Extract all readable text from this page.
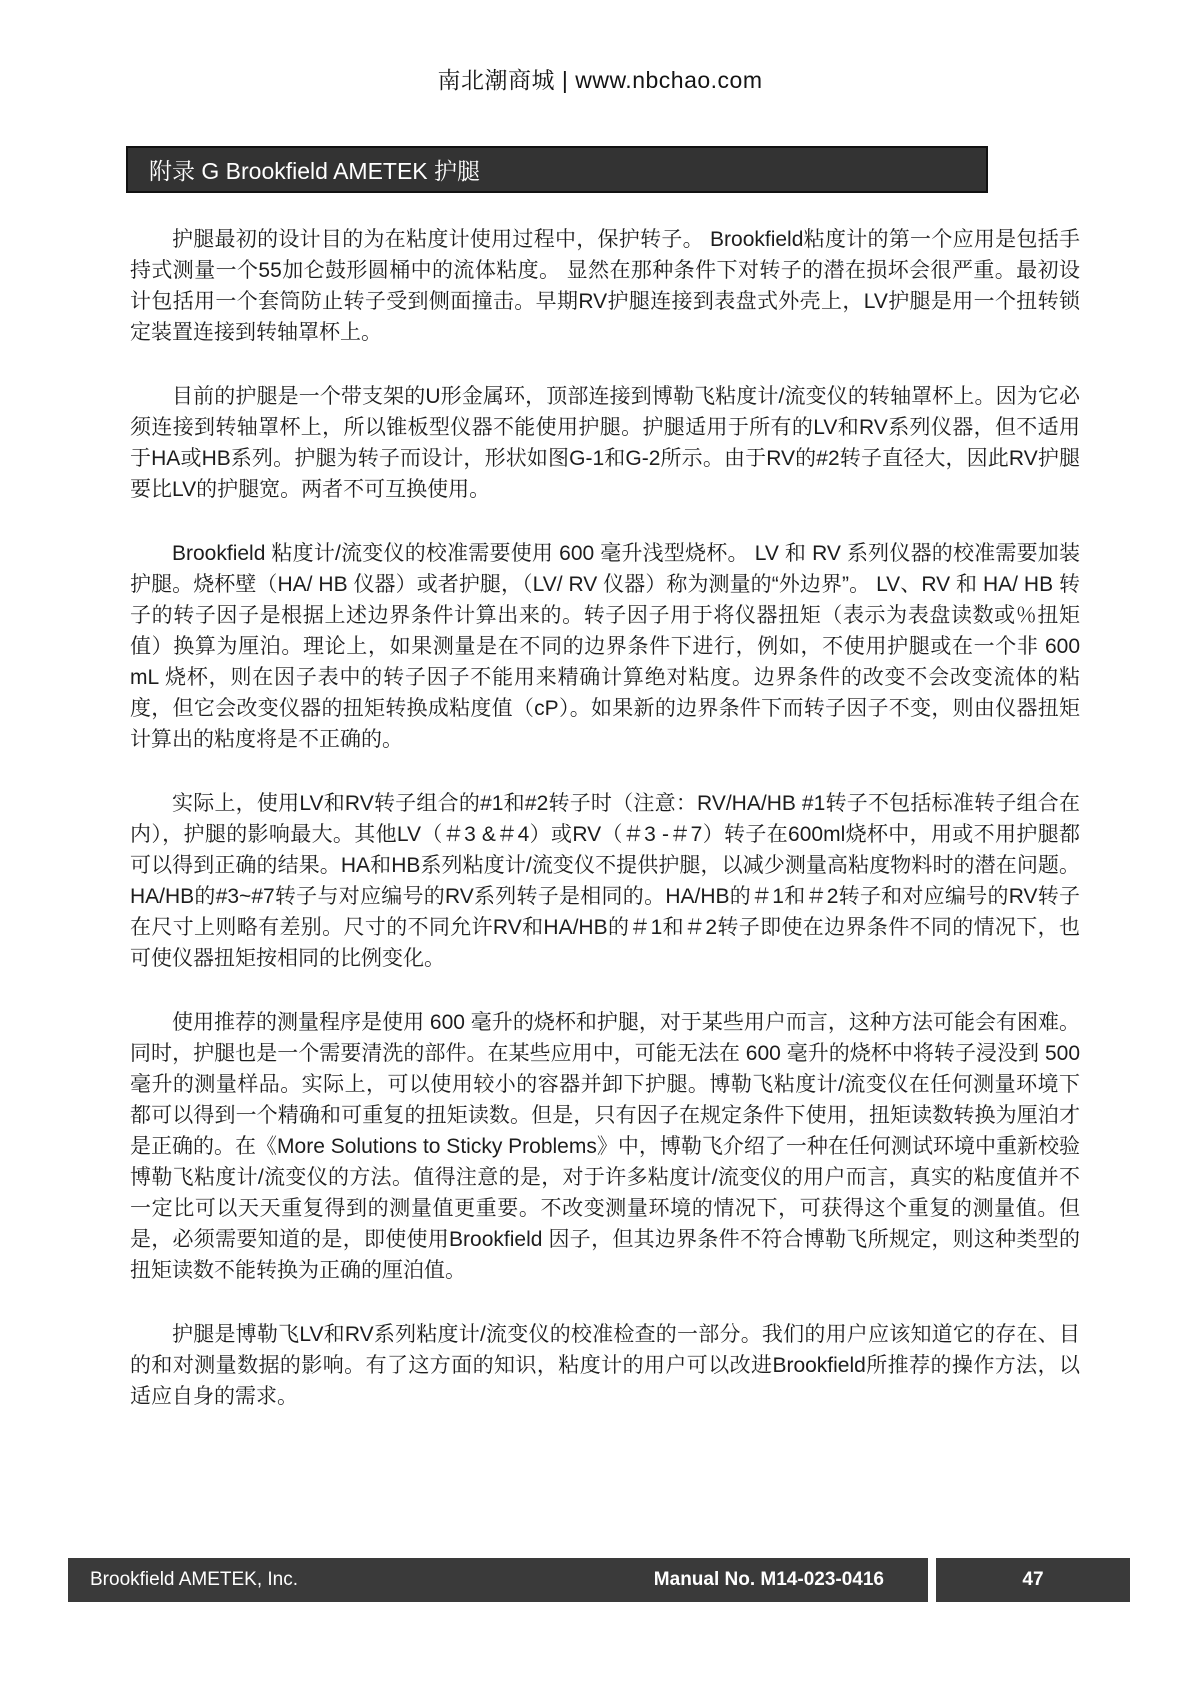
南北潮商城 | www.nbchao.com
附录 G Brookfield AMETEK 护腿

护腿最初的设计目的为在粘度计使用过程中，保护转子。 Brookfield粘度计的第一个应用是包括手持式测量一个55加仑鼓形圆桶中的流体粘度。 显然在那种条件下对转子的潜在损坏会很严重。最初设计包括用一个套筒防止转子受到侧面撞击。早期RV护腿连接到表盘式外壳上，LV护腿是用一个扭转锁定装置连接到转轴罩杯上。

目前的护腿是一个带支架的U形金属环，顶部连接到博勒飞粘度计/流变仪的转轴罩杯上。因为它必须连接到转轴罩杯上，所以锥板型仪器不能使用护腿。护腿适用于所有的LV和RV系列仪器，但不适用于HA或HB系列。护腿为转子而设计，形状如图G-1和G-2所示。由于RV的#2转子直径大，因此RV护腿要比LV的护腿宽。两者不可互换使用。

Brookfield 粘度计/流变仪的校准需要使用 600 毫升浅型烧杯。 LV 和 RV 系列仪器的校准需要加装护腿。烧杯壁（HA/ HB 仪器）或者护腿，（LV/ RV 仪器）称为测量的“外边界”。 LV、RV 和 HA/ HB 转子的转子因子是根据上述边界条件计算出来的。转子因子用于将仪器扭矩（表示为表盘读数或％扭矩值）换算为厘泊。理论上，如果测量是在不同的边界条件下进行，例如，不使用护腿或在一个非 600 mL 烧杯，则在因子表中的转子因子不能用来精确计算绝对粘度。边界条件的改变不会改变流体的粘度，但它会改变仪器的扭矩转换成粘度值（cP）。如果新的边界条件下而转子因子不变，则由仪器扭矩计算出的粘度将是不正确的。

实际上，使用LV和RV转子组合的#1和#2转子时（注意：RV/HA/HB #1转子不包括标准转子组合在内），护腿的影响最大。其他LV（＃3 &＃4）或RV（＃3 -＃7）转子在600ml烧杯中，用或不用护腿都可以得到正确的结果。HA和HB系列粘度计/流变仪不提供护腿，以减少测量高粘度物料时的潜在问题。HA/HB的#3~#7转子与对应编号的RV系列转子是相同的。HA/HB的＃1和＃2转子和对应编号的RV转子在尺寸上则略有差别。尺寸的不同允许RV和HA/HB的＃1和＃2转子即使在边界条件不同的情况下，也可使仪器扭矩按相同的比例变化。

使用推荐的测量程序是使用 600 毫升的烧杯和护腿，对于某些用户而言，这种方法可能会有困难。同时，护腿也是一个需要清洗的部件。在某些应用中，可能无法在 600 毫升的烧杯中将转子浸没到 500 毫升的测量样品。实际上，可以使用较小的容器并卸下护腿。博勒飞粘度计/流变仪在任何测量环境下都可以得到一个精确和可重复的扭矩读数。但是，只有因子在规定条件下使用，扭矩读数转换为厘泊才是正确的。在《More Solutions to Sticky Problems》中，博勒飞介绍了一种在任何测试环境中重新校验博勒飞粘度计/流变仪的方法。值得注意的是，对于许多粘度计/流变仪的用户而言，真实的粘度值并不一定比可以天天重复得到的测量值更重要。不改变测量环境的情况下，可获得这个重复的测量值。但是，必须需要知道的是，即使使用Brookfield 因子，但其边界条件不符合博勒飞所规定，则这种类型的扭矩读数不能转换为正确的厘泊值。

护腿是博勒飞LV和RV系列粘度计/流变仪的校准检查的一部分。我们的用户应该知道它的存在、目的和对测量数据的影响。有了这方面的知识，粘度计的用户可以改进Brookfield所推荐的操作方法，以适应自身的需求。

Brookfield AMETEK, Inc.	Manual No. M14-023-0416	47
